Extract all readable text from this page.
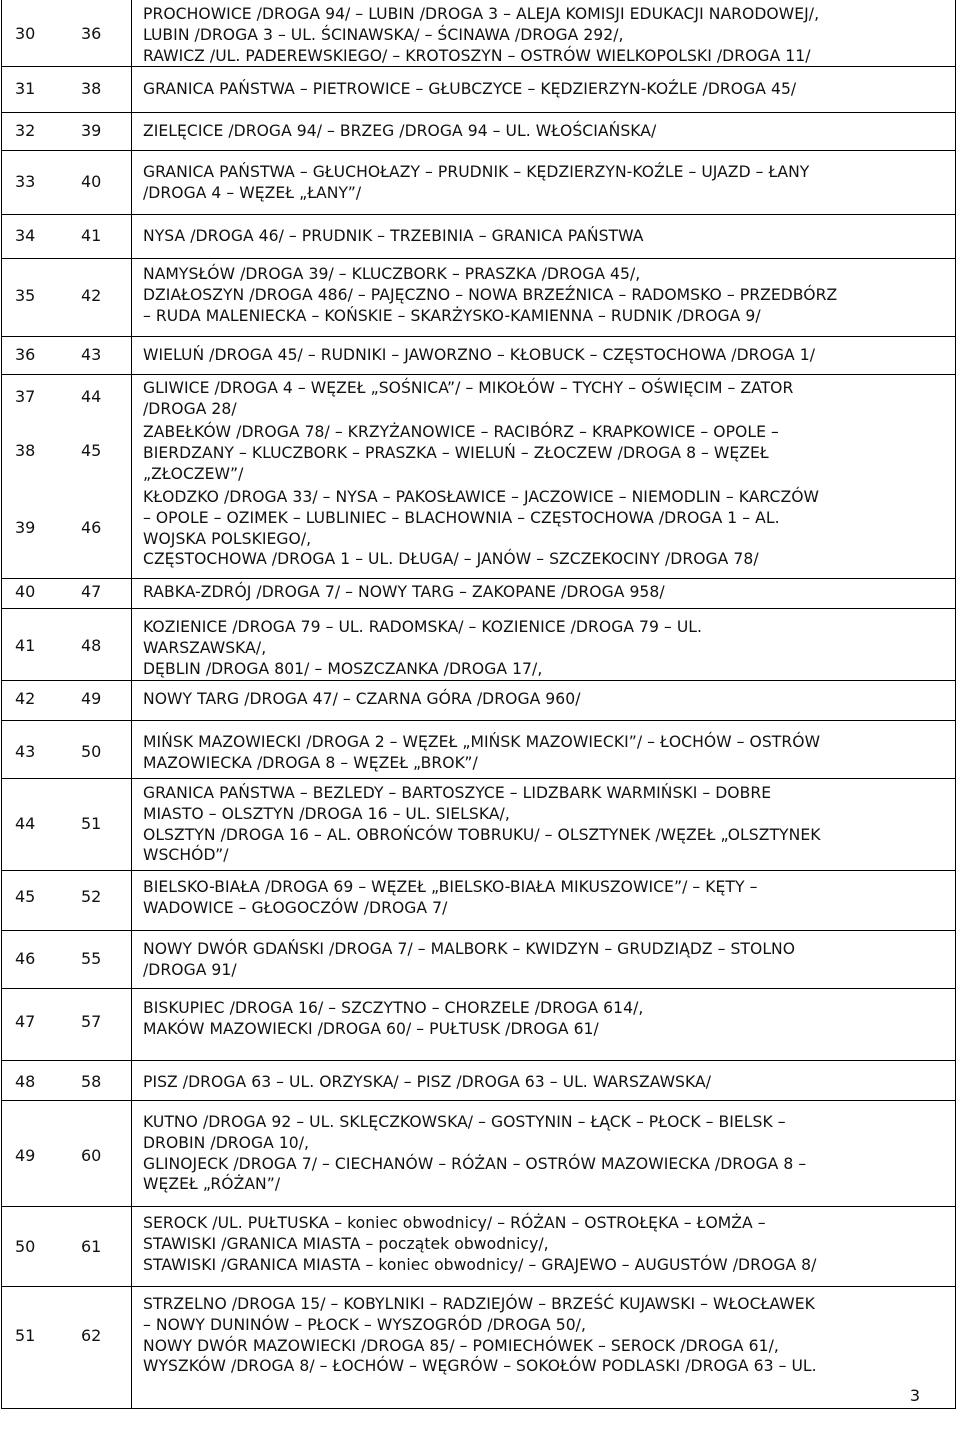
30	36
PROCHOWICE /DROGA 94/ – LUBIN /DROGA 3 – ALEJA KOMISJI EDUKACJI NARODOWEJ/,
LUBIN /DROGA 3 – UL. ŚCINAWSKA/ – ŚCINAWA /DROGA 292/,
RAWICZ /UL. PADEREWSKIEGO/ – KROTOSZYN – OSTRÓW WIELKOPOLSKI /DROGA 11/
31	38	GRANICA PAŃSTWA – PIETROWICE – GŁUBCZYCE – KĘDZIERZYN-KOŹLE /DROGA 45/
32	39	ZIELĘCICE /DROGA 94/ – BRZEG /DROGA 94 – UL. WŁOŚCIAŃSKA/
33	40	GRANICA PAŃSTWA – GŁUCHOŁAZY – PRUDNIK – KĘDZIERZYN-KOŹLE – UJAZD – ŁANY
/DROGA 4 – WĘZEŁ „ŁANY”/
34	41	NYSA /DROGA 46/ – PRUDNIK – TRZEBINIA – GRANICA PAŃSTWA
35	42
NAMYSŁÓW /DROGA 39/ – KLUCZBORK – PRASZKA /DROGA 45/,
DZIAŁOSZYN /DROGA 486/ – PAJĘCZNO – NOWA BRZEŹNICA – RADOMSKO – PRZEDBÓRZ
– RUDA MALENIECKA – KOŃSKIE – SKARŻYSKO-KAMIENNA – RUDNIK /DROGA 9/
36	43	WIELUŃ /DROGA 45/ – RUDNIKI – JAWORZNO – KŁOBUCK – CZĘSTOCHOWA /DROGA 1/
37	44	GLIWICE /DROGA 4 – WĘZEŁ „SOŚNICA”/ – MIKOŁÓW – TYCHY – OŚWIĘCIM – ZATOR
/DROGA 28/
38	45
ZABEŁKÓW /DROGA 78/ – KRZYŻANOWICE – RACIBÓRZ – KRAPKOWICE – OPOLE –
BIERDZANY – KLUCZBORK – PRASZKA – WIELUŃ – ZŁOCZEW /DROGA 8 – WĘZEŁ
„ZŁOCZEW”/
39	46
KŁODZKO /DROGA 33/ – NYSA – PAKOSŁAWICE – JACZOWICE – NIEMODLIN – KARCZÓW
– OPOLE – OZIMEK – LUBLINIEC – BLACHOWNIA – CZĘSTOCHOWA /DROGA 1 – AL.
WOJSKA POLSKIEGO/,
CZĘSTOCHOWA /DROGA 1 – UL. DŁUGA/ – JANÓW – SZCZEKOCINY /DROGA 78/
40	47	RABKA-ZDRÓJ /DROGA 7/ – NOWY TARG – ZAKOPANE /DROGA 958/
41	48
KOZIENICE /DROGA 79 – UL. RADOMSKA/ – KOZIENICE /DROGA 79 – UL.
WARSZAWSKA/,
DĘBLIN /DROGA 801/ – MOSZCZANKA /DROGA 17/,
42	49	NOWY TARG /DROGA 47/ – CZARNA GÓRA /DROGA 960/
43	50	MIŃSK MAZOWIECKI /DROGA 2 – WĘZEŁ „MIŃSK MAZOWIECKI”/ – ŁOCHÓW – OSTRÓW
MAZOWIECKA /DROGA 8 – WĘZEŁ „BROK”/
44	51
GRANICA PAŃSTWA – BEZLEDY – BARTOSZYCE – LIDZBARK WARMIŃSKI – DOBRE
MIASTO – OLSZTYN /DROGA 16 – UL. SIELSKA/,
OLSZTYN /DROGA 16 – AL. OBROŃCÓW TOBRUKU/ – OLSZTYNEK /WĘZEŁ „OLSZTYNEK
WSCHÓD”/
45	52	BIELSKO-BIAŁA /DROGA 69 – WĘZEŁ „BIELSKO-BIAŁA MIKUSZOWICE”/ – KĘTY –
WADOWICE – GŁOGOCZÓW /DROGA 7/
46	55	NOWY DWÓR GDAŃSKI /DROGA 7/ – MALBORK – KWIDZYN – GRUDZIĄDZ – STOLNO
/DROGA 91/
47	57
BISKUPIEC /DROGA 16/ – SZCZYTNO – CHORZELE /DROGA 614/,
MAKÓW MAZOWIECKI /DROGA 60/ – PUŁTUSK /DROGA 61/
48	58	PISZ /DROGA 63 – UL. ORZYSKA/ – PISZ /DROGA 63 – UL. WARSZAWSKA/
49	60
KUTNO /DROGA 92 – UL. SKLĘCZKOWSKA/ – GOSTYNIN – ŁĄCK – PŁOCK – BIELSK –
DROBIN /DROGA 10/,
GLINOJECK /DROGA 7/ – CIECHANÓW – RÓŻAN – OSTRÓW MAZOWIECKA /DROGA 8 –
WĘZEŁ „RÓŻAN”/
50	61
SEROCK /UL. PUŁTUSKA – koniec obwodnicy/ – RÓŻAN – OSTROŁĘKA – ŁOMŻA –
STAWISKI /GRANICA MIASTA – początek obwodnicy/,
STAWISKI /GRANICA MIASTA – koniec obwodnicy/ – GRAJEWO – AUGUSTÓW /DROGA 8/
51	62
STRZELNO /DROGA 15/ – KOBYLNIKI – RADZIEJÓW – BRZEŚĆ KUJAWSKI – WŁOCŁAWEK
– NOWY DUNINÓW – PŁOCK – WYSZOGRÓD /DROGA 50/,
NOWY DWÓR MAZOWIECKI /DROGA 85/ – POMIECHÓWEK – SEROCK /DROGA 61/,
WYSZKÓW /DROGA 8/ – ŁOCHÓW – WĘGRÓW – SOKOŁÓW PODLASKI /DROGA 63 – UL.
3
